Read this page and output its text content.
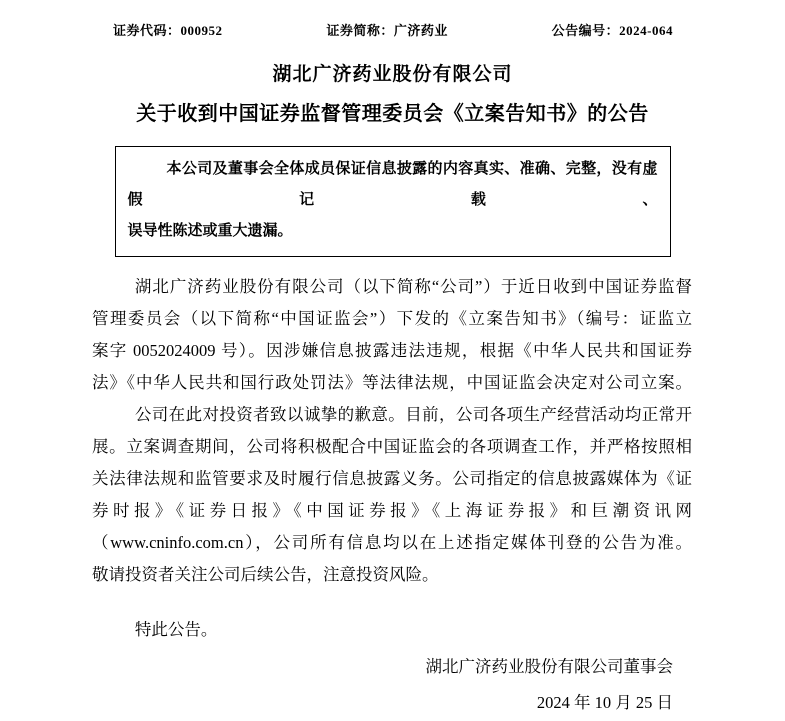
证券代码：000952	证券简称：广济药业	公告编号：2024-064
湖北广济药业股份有限公司
关于收到中国证券监督管理委员会《立案告知书》的公告
本公司及董事会全体成员保证信息披露的内容真实、准确、完整，没有虚假记载、
误导性陈述或重大遗漏。
湖北广济药业股份有限公司（以下简称“公司”）于近日收到中国证券监督
管理委员会（以下简称“中国证监会”）下发的《立案告知书》（编号：证监立
案字 0052024009 号）。因涉嫌信息披露违法违规，根据《中华人民共和国证券
法》《中华人民共和国行政处罚法》等法律法规，中国证监会决定对公司立案。
公司在此对投资者致以诚挚的歉意。目前，公司各项生产经营活动均正常开
展。立案调查期间，公司将积极配合中国证监会的各项调查工作，并严格按照相
关法律法规和监管要求及时履行信息披露义务。公司指定的信息披露媒体为《证
券时报》《证券日报》《中国证券报》《上海证券报》和巨潮资讯网
（www.cninfo.com.cn），公司所有信息均以在上述指定媒体刊登的公告为准。
敬请投资者关注公司后续公告，注意投资风险。
特此公告。
湖北广济药业股份有限公司董事会
2024 年 10 月 25 日
